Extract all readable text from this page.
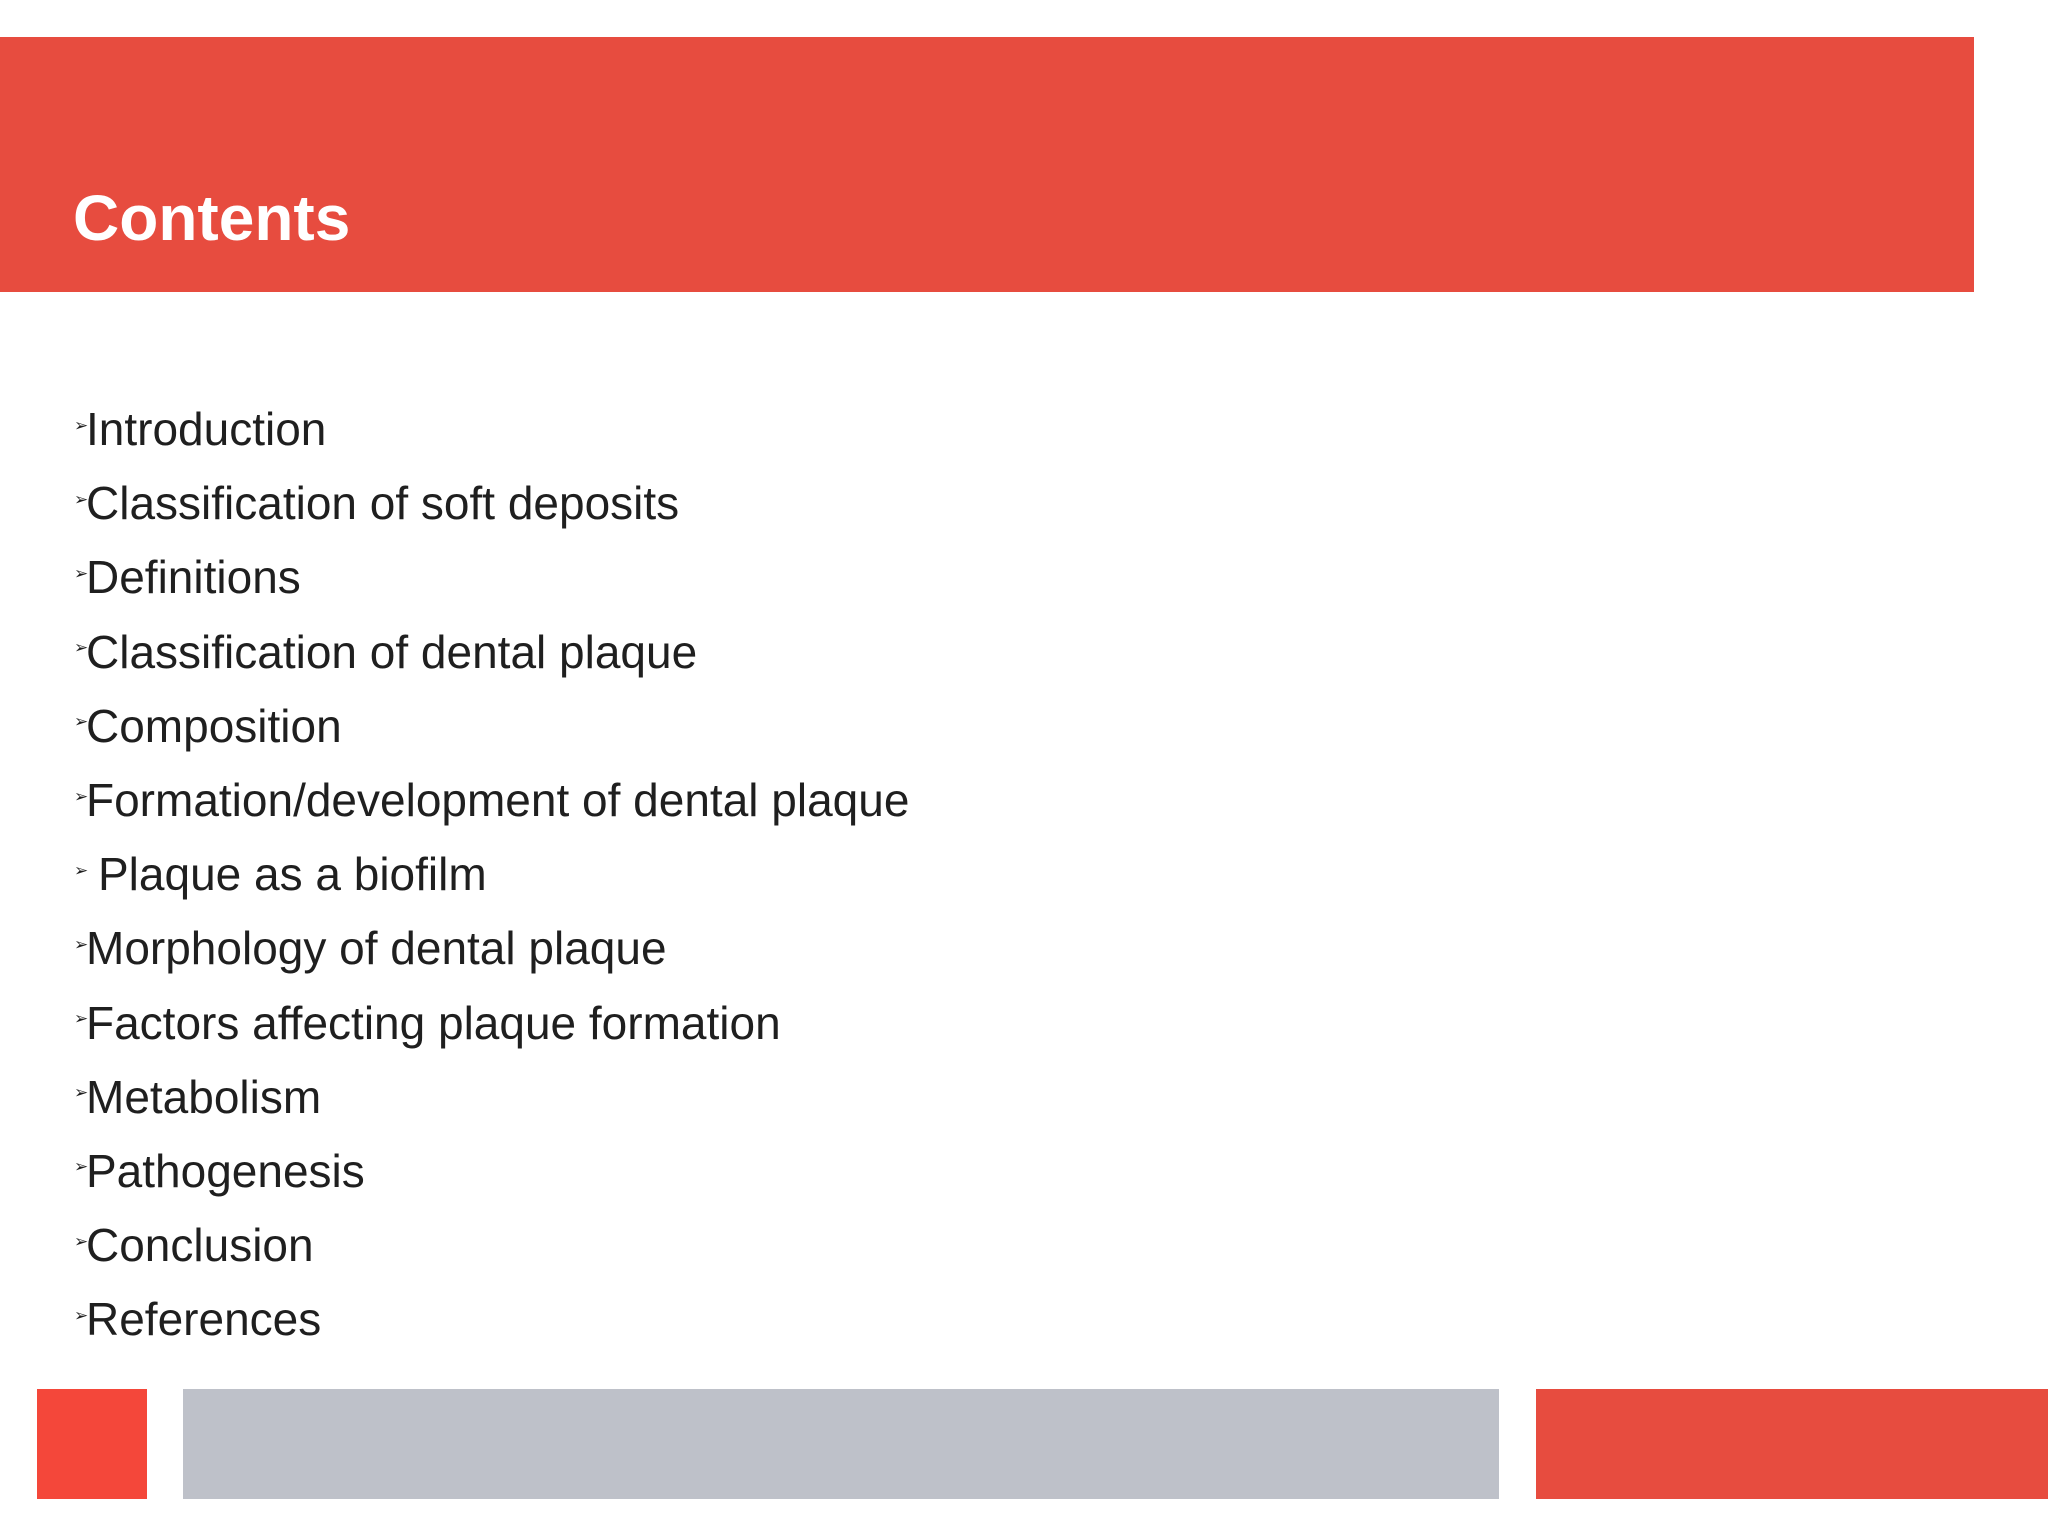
Contents
➢
Introduction
➢
Classification of soft deposits
➢
Definitions
➢
Classification of dental plaque
➢
Composition
➢
Formation/development of dental plaque
➢ Plaque as a biofilm
➢
Morphology of dental plaque
➢
Factors affecting plaque formation
➢
Metabolism
➢
Pathogenesis
➢
Conclusion
➢
References
